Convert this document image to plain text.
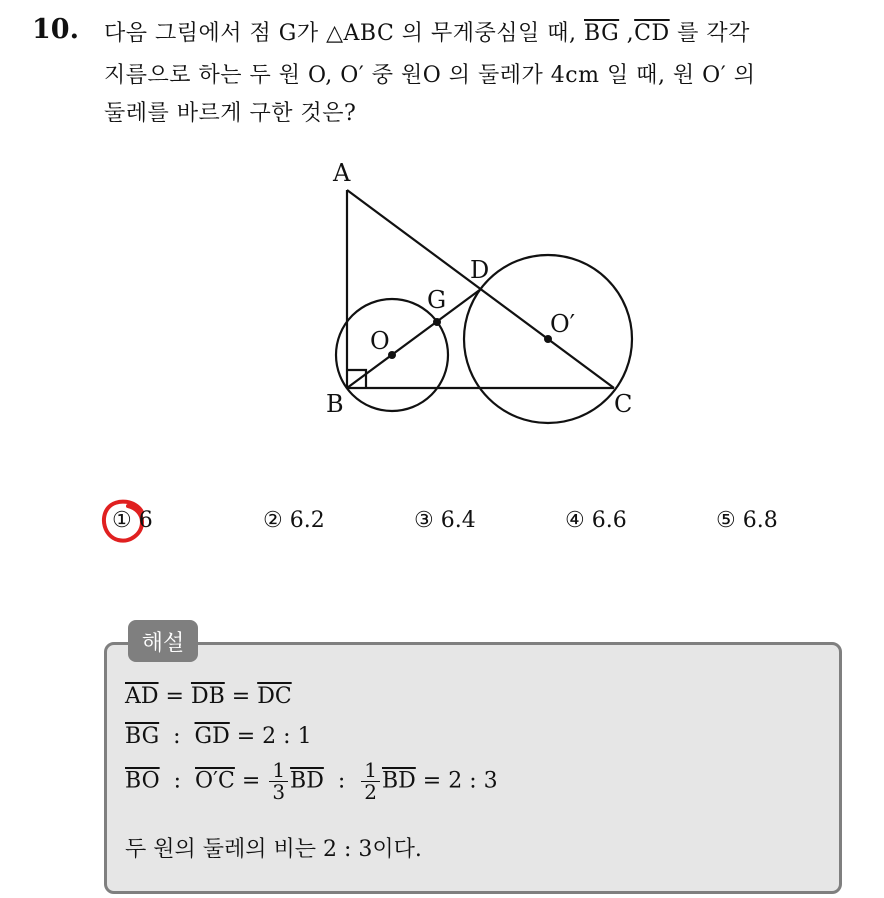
10. 다음 그림에서 점 G가 △ABC 의 무게중심일 때, $\overline{BG}$ $,\overline{CD}$ 를 각각
지름으로 하는 두 원 O, O′ 중 원O 의 둘레가 4cm 일 때, 원 O′ 의
둘레를 바르게 구한 것은?
A
D
G
O
O′
B	C
① 6	② 6.2	③ 6.4	④ 6.6	⑤ 6.8
해설
$\overline{AD} = \overline{DB} = \overline{DC}$
$\overline{BG}$  :  $\overline{GD} = 2$ : 1
$\overline{BO}$  :  $O'C = \frac{1}{3} \overline{BD}$  : $\frac{1}{2} \overline{BD} = 2$ : 3
두 원의 둘레의 비는 2 : 3이다.
